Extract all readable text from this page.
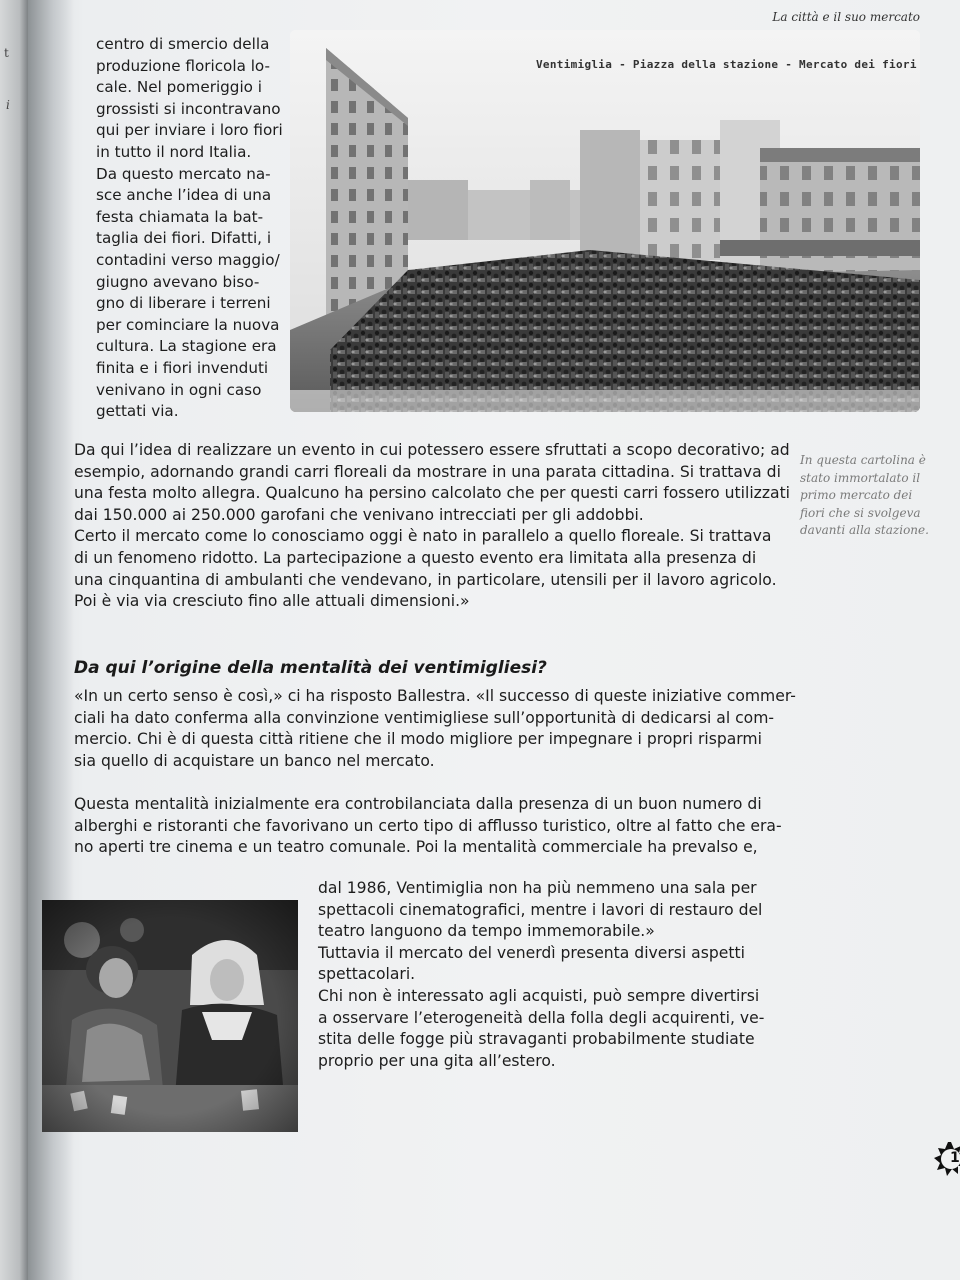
t
i
La città e il suo mercato
Ventimiglia - Piazza della stazione - Mercato dei fiori

centro di smercio della

produzione floricola lo-

cale. Nel pomeriggio i

grossisti si incontravano

qui per inviare i loro fiori

in tutto il nord Italia.

Da questo mercato na-

sce anche l’idea di una

festa chiamata la bat-

taglia dei fiori. Difatti, i

contadini verso maggio/

giugno avevano biso-

gno di liberare i terreni

per cominciare la nuova

cultura. La stagione era

finita e i fiori invenduti

venivano in ogni caso

gettati via.

In questa cartolina è stato immortalato il primo mercato dei fiori che si svolgeva davanti alla stazione.

Da qui l’idea di realizzare un evento in cui potessero essere sfruttati a scopo decorativo; ad

esempio, adornando grandi carri floreali da mostrare in una parata cittadina. Si trattava di

una festa molto allegra. Qualcuno ha persino calcolato che per questi carri fossero utilizzati

dai 150.000 ai 250.000 garofani che venivano intrecciati per gli addobbi.

Certo il mercato come lo conosciamo oggi è nato in parallelo a quello floreale. Si trattava

di un fenomeno ridotto. La partecipazione a questo evento era limitata alla presenza di

una cinquantina di ambulanti che vendevano, in particolare, utensili per il lavoro agricolo.

Poi è via via cresciuto fino alle attuali dimensioni.»

Da qui l’origine della mentalità dei ventimigliesi?

«In un certo senso è così,» ci ha risposto Ballestra. «Il successo di queste iniziative commer-

ciali ha dato conferma alla convinzione ventimigliese sull’opportunità di dedicarsi al com-

mercio. Chi è di questa città ritiene che il modo migliore per impegnare i propri risparmi

sia quello di acquistare un banco nel mercato.

Questa mentalità inizialmente era controbilanciata dalla presenza di un buon numero di

alberghi e ristoranti che favorivano un certo tipo di afflusso turistico, oltre al fatto che era-

no aperti tre cinema e un teatro comunale. Poi la mentalità commerciale ha prevalso e,

dal 1986, Ventimiglia non ha più nemmeno una sala per

spettacoli cinematografici, mentre i lavori di restauro del

teatro languono da tempo immemorabile.»

Tuttavia il mercato del venerdì presenta diversi aspetti

spettacolari.

Chi non è interessato agli acquisti, può sempre divertirsi

a osservare l’eterogeneità della folla degli acquirenti, ve-

stita delle fogge più stravaganti probabilmente studiate

proprio per una gita all’estero.

1
